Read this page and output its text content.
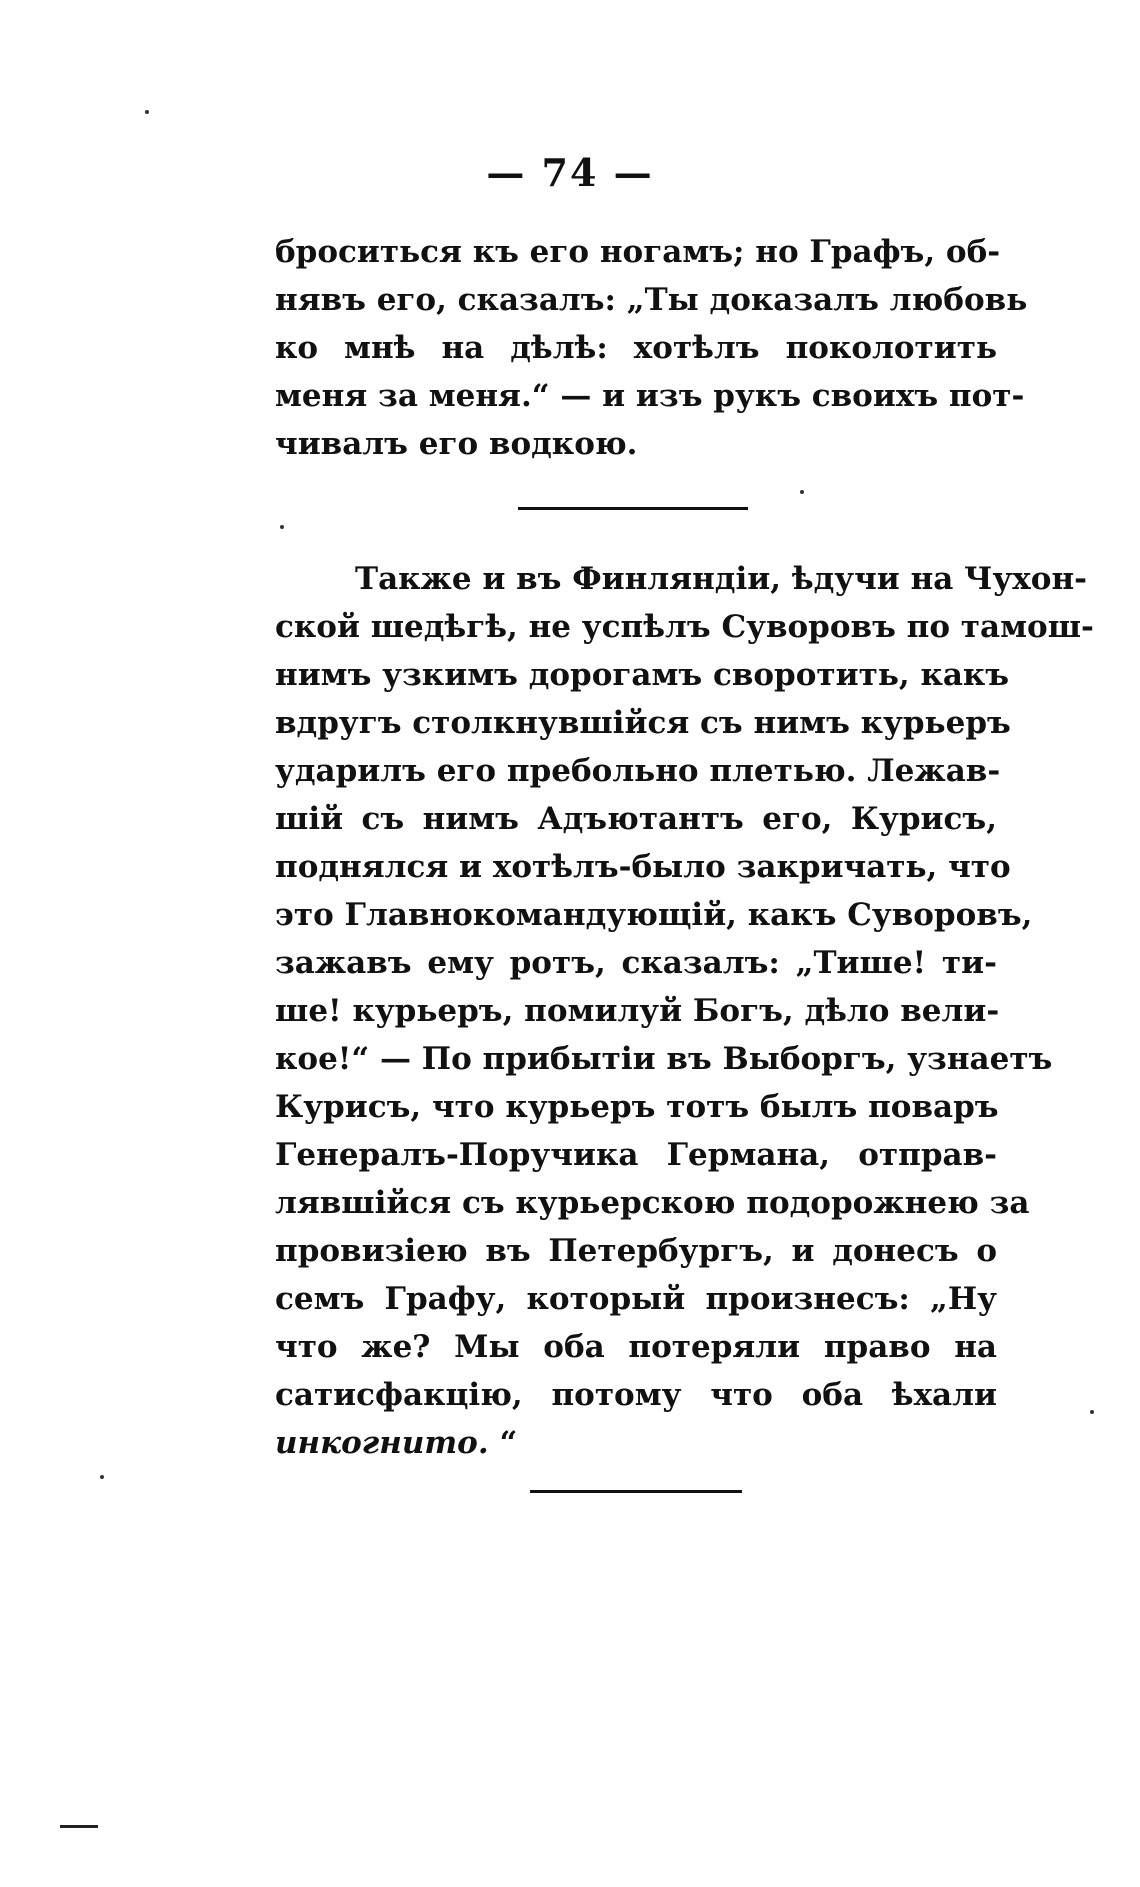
— 74 —
броситься къ его ногамъ; но Графъ, об-
нявъ его, сказалъ: „Ты доказалъ любовь
ко мнѣ на дѣлѣ: хотѣлъ поколотить
меня за меня.“ — и изъ рукъ своихъ пот-
чивалъ его водкою.
Также и въ Финляндіи, ѣдучи на Чухон-
ской шедѣгѣ, не успѣлъ Суворовъ по тамош-
нимъ узкимъ дорогамъ своротить, какъ
вдругъ столкнувшійся съ нимъ курьеръ
ударилъ его пребольно плетью. Лежав-
шій съ нимъ Адъютантъ его, Курисъ,
поднялся и хотѣлъ-было закричать, что
это Главнокомандующій, какъ Суворовъ,
зажавъ ему ротъ, сказалъ: „Тише! ти-
ше! курьеръ, помилуй Богъ, дѣло вели-
кое!“ — По прибытіи въ Выборгъ, узнаетъ
Курисъ, что курьеръ тотъ былъ поваръ
Генералъ-Поручика Германа, отправ-
лявшійся съ курьерскою подорожнею за
провизіею въ Петербургъ, и донесъ о
семъ Графу, который произнесъ: „Ну
что же? Мы оба потеряли право на
сатисфакцію, потому что оба ѣхали
инкогнито. “
